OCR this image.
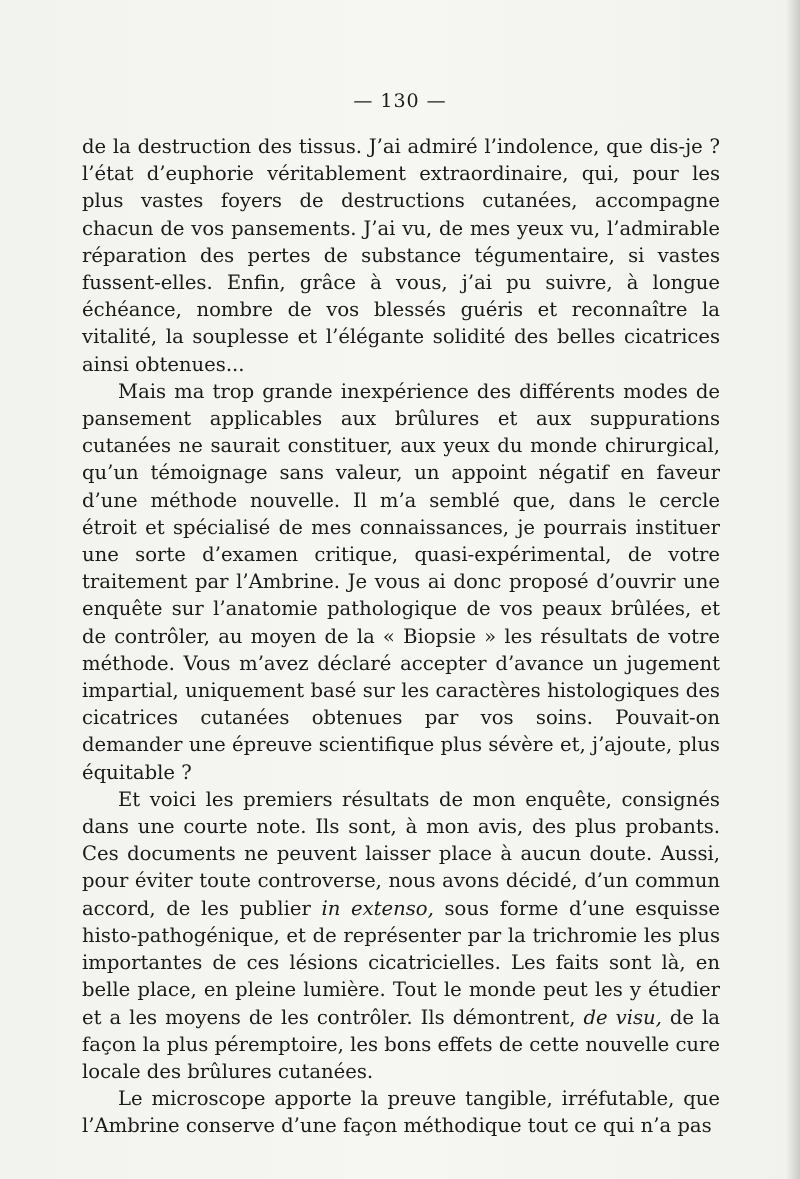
— 130 —

de la destruction des tissus. J’ai admiré l’indolence, que dis-je ? l’état d’euphorie véritablement extraordinaire, qui, pour les plus vastes foyers de destructions cutanées, accompagne chacun de vos pansements. J’ai vu, de mes yeux vu, l’admirable réparation des pertes de substance tégumentaire, si vastes fussent-elles. Enfin, grâce à vous, j’ai pu suivre, à longue échéance, nombre de vos blessés guéris et reconnaître la vitalité, la souplesse et l’élégante solidité des belles cicatrices ainsi obtenues...

Mais ma trop grande inexpérience des différents modes de pansement applicables aux brûlures et aux suppurations cutanées ne saurait constituer, aux yeux du monde chirurgical, qu’un témoignage sans valeur, un appoint négatif en faveur d’une méthode nouvelle. Il m’a semblé que, dans le cercle étroit et spécialisé de mes connaissances, je pourrais instituer une sorte d’examen critique, quasi-expérimental, de votre traitement par l’Ambrine. Je vous ai donc proposé d’ouvrir une enquête sur l’anatomie pathologique de vos peaux brûlées, et de contrôler, au moyen de la « Biopsie » les résultats de votre méthode. Vous m’avez déclaré accepter d’avance un jugement impartial, uniquement basé sur les caractères histologiques des cicatrices cutanées obtenues par vos soins. Pouvait-on demander une épreuve scientifique plus sévère et, j’ajoute, plus équitable ?

Et voici les premiers résultats de mon enquête, consignés dans une courte note. Ils sont, à mon avis, des plus probants. Ces documents ne peuvent laisser place à aucun doute. Aussi, pour éviter toute controverse, nous avons décidé, d’un commun accord, de les publier in extenso, sous forme d’une esquisse histo-pathogénique, et de représenter par la trichromie les plus importantes de ces lésions cicatricielles. Les faits sont là, en belle place, en pleine lumière. Tout le monde peut les y étudier et a les moyens de les contrôler. Ils démontrent, de visu, de la façon la plus péremptoire, les bons effets de cette nouvelle cure locale des brûlures cutanées.

Le microscope apporte la preuve tangible, irréfutable, que l’Ambrine conserve d’une façon méthodique tout ce qui n’a pas
